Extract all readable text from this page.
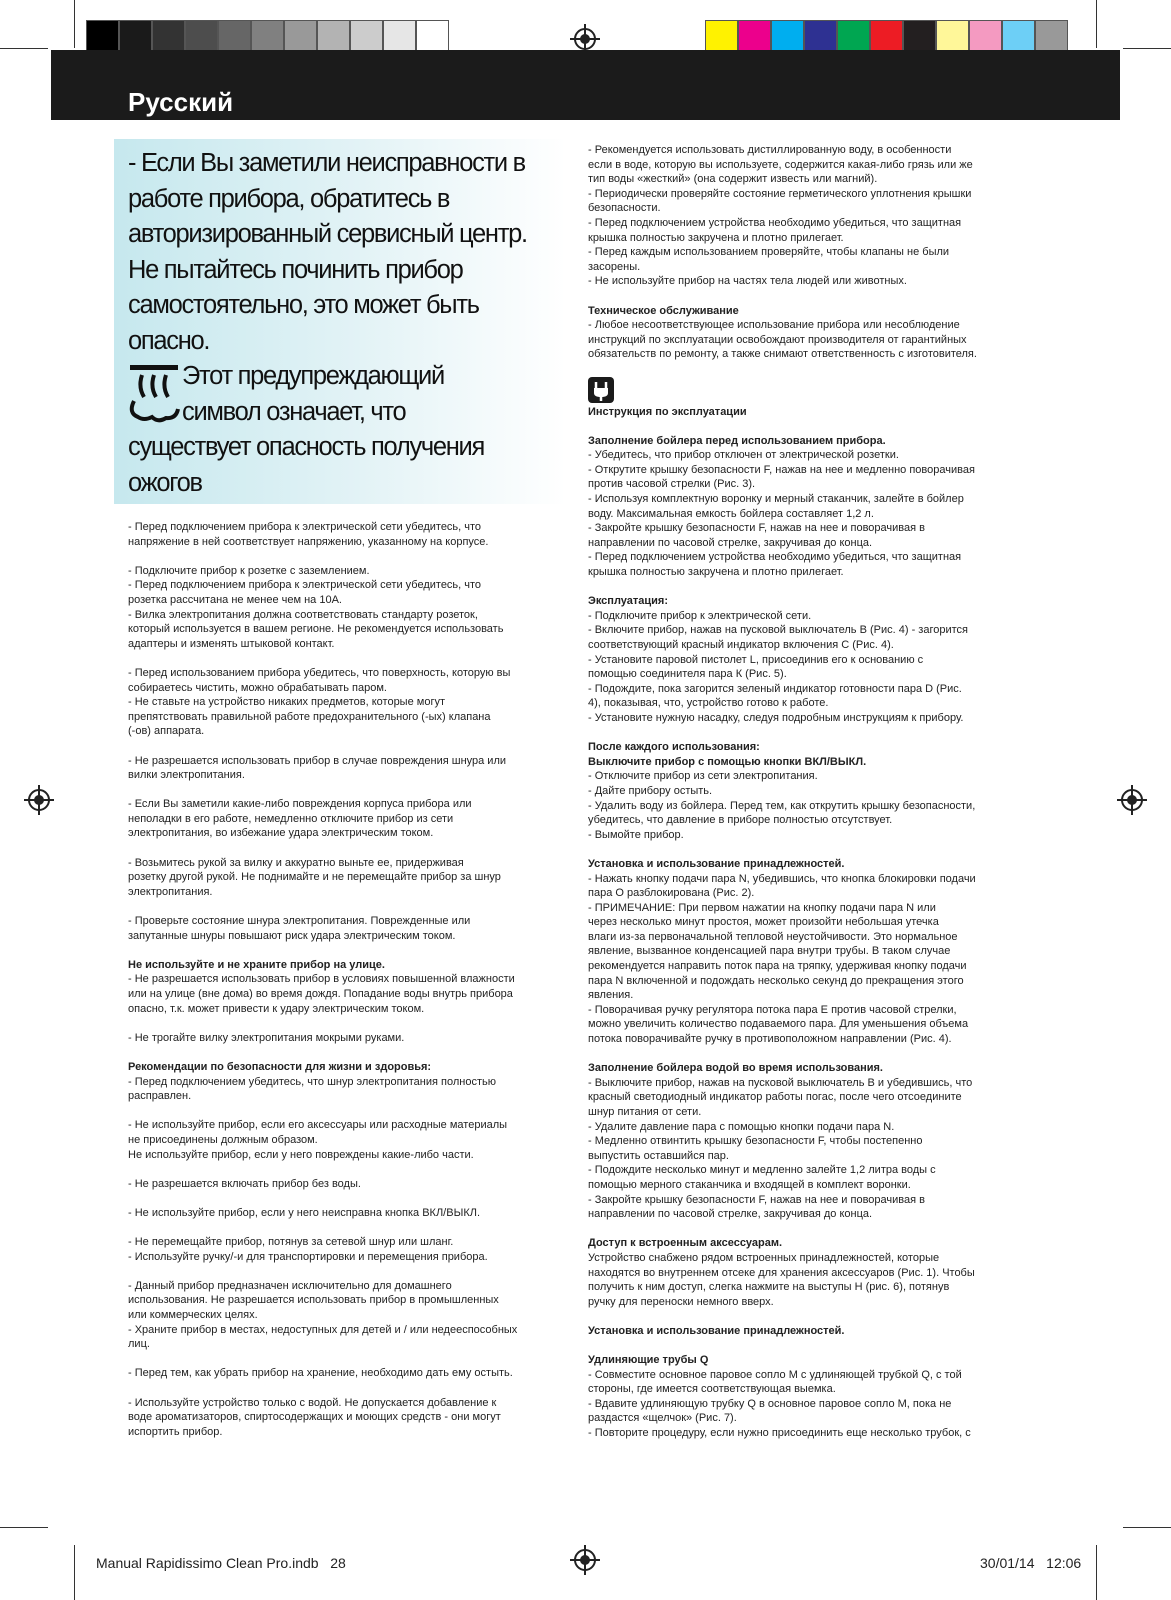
Русский

- Если Вы заметили неисправности в работе прибора, обратитесь в авторизированный сервисный центр. Не пытайтесь починить прибор самостоятельно, это может быть опасно.

Этот предупреждающий
символ означает, что

существует опасность получения ожогов

- Перед подключением прибора к электрической сети убедитесь, что
напряжение в ней соответствует напряжению, указанному на корпусе.

- Подключите прибор к розетке с заземлением.
- Перед подключением прибора к электрической сети убедитесь, что
розетка рассчитана не менее чем на 10А.
- Вилка электропитания должна соответствовать стандарту розеток,
который используется в вашем регионе. Не рекомендуется использовать
адаптеры и изменять штыковой контакт.

- Перед использованием прибора убедитесь, что поверхность, которую вы
собираетесь чистить, можно обрабатывать паром.
- Не ставьте на устройство никаких предметов, которые могут
препятствовать правильной работе предохранительного (-ых) клапана
(-ов) аппарата.

- Не разрешается использовать прибор в случае повреждения шнура или
вилки электропитания.

- Если Вы заметили какие-либо повреждения корпуса прибора или
неполадки в его работе, немедленно отключите прибор из сети
электропитания, во избежание удара электрическим током.

- Возьмитесь рукой за вилку и аккуратно выньте ее, придерживая
розетку другой рукой. Не поднимайте и не перемещайте прибор за шнур
электропитания.

- Проверьте состояние шнура электропитания. Поврежденные или
запутанные шнуры повышают риск удара электрическим током.

Не используйте и не храните прибор на улице.
- Не разрешается использовать прибор в условиях повышенной влажности
или на улице (вне дома) во время дождя. Попадание воды внутрь прибора
опасно, т.к. может привести к удару электрическим током.

- Не трогайте вилку электропитания мокрыми руками.

Рекомендации по безопасности для жизни и здоровья:
- Перед подключением убедитесь, что шнур электропитания полностью
распрaвлен.

- Не используйте прибор, если его аксессуары или расходные материалы
не присоединены должным образом.
Не используйте прибор, если у него повреждены какие-либо части.

- Не разрешается включать прибор без воды.

- Не используйте прибор, если у него неисправна кнопка ВКЛ/ВЫКЛ.

- Не перемещайте прибор, потянув за сетевой шнур или шланг.
- Используйте ручку/-и для транспортировки и перемещения прибора.

- Данный прибор предназначен исключительно для домашнего
использования. Не разрешается использовать прибор в промышленных
или коммерческих целях.
- Храните прибор в местах, недоступных для детей и / или недееспособных
лиц.

- Перед тем, как убрать прибор на хранение, необходимо дать ему остыть.

- Используйте устройство только с водой. Не допускается добавление к
воде ароматизаторов, спиртосодержащих и моющих средств - они могут
испортить прибор.

- Рекомендуется использовать дистиллированную воду, в особенности
если в воде, которую вы используете, содержится какая-либо грязь или же
тип воды «жесткий» (она содержит известь или магний).
- Периодически проверяйте состояние герметического уплотнения крышки
безопасности.
- Перед подключением устройства необходимо убедиться, что защитная
крышка полностью закручена и плотно прилегает.
- Перед каждым использованием проверяйте, чтобы клапаны не были
засорены.
- Не используйте прибор на частях тела людей или животных.

Техническое обслуживание
- Любое несоответствующее использование прибора или несоблюдение
инструкций по эксплуатации освобождают производителя от гарантийных
обязательств по ремонту, а также снимают ответственность с изготовителя.

Инструкция по эксплуатации

Заполнение бойлера перед использованием прибора.
- Убедитесь, что прибор отключен от электрической розетки.
- Открутите крышку безопасности F, нажав на нее и медленно поворачивая
против часовой стрелки (Рис. 3).
- Используя комплектную воронку и мерный стаканчик, залейте в бойлер
воду. Максимальная емкость бойлера составляет 1,2 л.
- Закройте крышку безопасности F, нажав на нее и поворачивая в
направлении по часовой стрелке, закручивая до конца.
- Перед подключением устройства необходимо убедиться, что защитная
крышка полностью закручена и плотно прилегает.

Эксплуатация:
- Подключите прибор к электрической сети.
- Включите прибор, нажав на пусковой выключатель В (Рис. 4) - загорится
соответствующий красный индикатор включения С (Рис. 4).
- Установите паровой пистолет L, присоединив его к основанию с
помощью соединителя пара К (Рис. 5).
- Подождите, пока загорится зеленый индикатор готовности пара D (Рис.
4), показывая, что, устройство готово к работе.
- Установите нужную насадку, следуя подробным инструкциям к прибору.

После каждого использования:
Выключите прибор с помощью кнопки ВКЛ/ВЫКЛ.
- Отключите прибор из сети электропитания.
- Дайте прибору остыть.
- Удалить воду из бойлера. Перед тем, как открутить крышку безопасности,
убедитесь, что давление в приборе полностью отсутствует.
- Вымойте прибор.

Установка и использование принадлежностей.
- Нажать кнопку подачи пара N, убедившись, что кнопка блокировки подачи
пара О разблокирована (Рис. 2).
- ПРИМЕЧАНИЕ: При первом нажатии на кнопку подачи пара N или
через несколько минут простоя, может произойти небольшая утечка
влаги из-за первоначальной тепловой неустойчивости. Это нормальное
явление, вызванное конденсацией пара внутри трубы. В таком случае
рекомендуется направить поток пара на тряпку, удерживая кнопку подачи
пара N включенной и подождать несколько секунд до прекращения этого
явления.
- Поворачивая ручку регулятора потока пара Е против часовой стрелки,
можно увеличить количество подаваемого пара. Для уменьшения объема
потока поворачивайте ручку в противоположном направлении (Рис. 4).

Заполнение бойлера водой во время использования.
- Выключите прибор, нажав на пусковой выключатель В и убедившись, что
красный светодиодный индикатор работы погас, после чего отсоедините
шнур питания от сети.
- Удалите давление пара с помощью кнопки подачи пара N.
- Медленно отвинтить крышку безопасности F, чтобы постепенно
выпустить оставшийся пар.
- Подождите несколько минут и медленно залейте 1,2 литра воды с
помощью мерного стаканчика и входящей в комплект воронки.
- Закройте крышку безопасности F, нажав на нее и поворачивая в
направлении по часовой стрелке, закручивая до конца.

Доступ к встроенным аксессуарам.
Устройство снабжено рядом встроенных принадлежностей, которые
находятся во внутреннем отсеке для хранения аксессуаров (Рис. 1). Чтобы
получить к ним доступ, слегка нажмите на выступы Н (рис. 6), потянув
ручку для переноски немного вверх.

Установка и использование принадлежностей.

Удлиняющие трубы Q
- Совместите основное паровое сопло М с удлиняющей трубкой Q, с той
стороны, где имеется соответствующая выемка.
- Вдавите удлиняющую трубку Q в основное паровое сопло М, пока не
раздастся «щелчок» (Рис. 7).
- Повторите процедуру, если нужно присоединить еще несколько трубок, с

Manual Rapidissimo Clean Pro.indb   28	30/01/14   12:06
